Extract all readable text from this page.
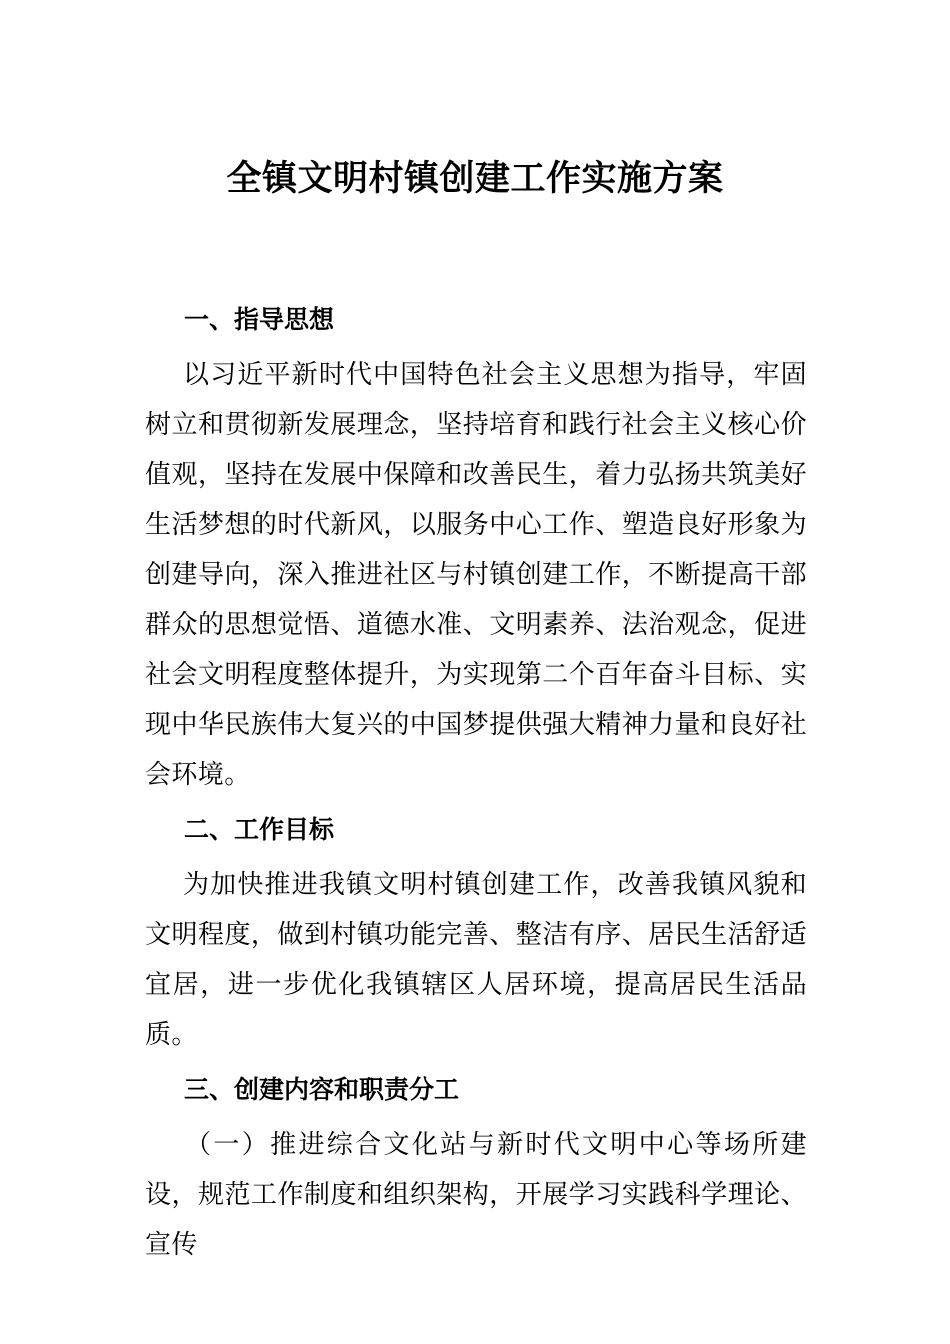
全镇文明村镇创建工作实施方案
一、指导思想

以习近平新时代中国特色社会主义思想为指导，牢固树立和贯彻新发展理念，坚持培育和践行社会主义核心价值观，坚持在发展中保障和改善民生，着力弘扬共筑美好生活梦想的时代新风，以服务中心工作、塑造良好形象为创建导向，深入推进社区与村镇创建工作，不断提高干部群众的思想觉悟、道德水准、文明素养、法治观念，促进社会文明程度整体提升，为实现第二个百年奋斗目标、实现中华民族伟大复兴的中国梦提供强大精神力量和良好社会环境。

二、工作目标

为加快推进我镇文明村镇创建工作，改善我镇风貌和文明程度，做到村镇功能完善、整洁有序、居民生活舒适宜居，进一步优化我镇辖区人居环境，提高居民生活品质。

三、创建内容和职责分工

（一）推进综合文化站与新时代文明中心等场所建设，规范工作制度和组织架构，开展学习实践科学理论、宣传
